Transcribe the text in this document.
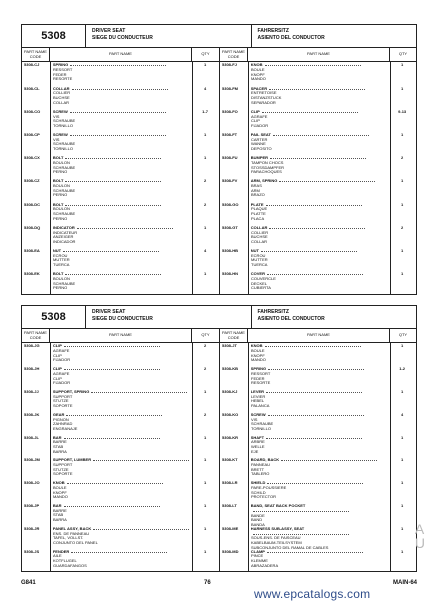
5308	DRIVER SEAT
SIEGE DU CONDUCTEUR
FAHRERSITZ
ASIENTO DEL CONDUCTOR
PART NAME CODE	PART NAME	QTY	PART NAME CODE	PART NAME	QTY
5308-CJ	SPRING	1
RESSORT
FEDER
RESORTE
5308-CL	COLLAR	4
COLLIER
BUCHSE
COLLAR
5308-CO	SCREW	1-7
VIS
SCHRAUBE
TORNILLO
5308-CP	SCREW	1
VIS
SCHRAUBE
TORNILLO
5308-CX	BOLT	1
BOULON
SCHRAUBE
PERNO
5308-CZ	BOLT	2
BOULON
SCHRAUBE
PERNO
5308-DC	BOLT	2
BOULON
SCHRAUBE
PERNO
5308-DQ	INDICATOR	1
INDICATEUR
ANZEIGER
INDICADOR
5308-EA	NUT	4
ECROU
MUTTER
TUERCA
5308-EK	BOLT	1
BOULON
SCHRAUBE
PERNO
5308-FJ	KNOB	1
BOULE
KNOPF
MANDO
5308-FM	SPACER	1
ENTRETOISE
DISTANZSTUCK
SEPARADOR
5308-FO	CLIP	9-13
AGRAFE
CLIP
FIJADOR
5308-FT	PAIL SEAT	1
CARTER
WANNE
DEPOSITO
5308-FU	BUMPER	2
TAMPON CHOCS
STOSSDAMPFER
PARACHOQUES
5308-FV	ARM, SPRING	1
BRAS
ARM
BRAZO
5308-GO	PLATE	1
PLAQUE
PLATTE
PLACA
5308-GT	COLLAR	2
COLLIER
BUCHSE
COLLAR
5308-HB	NUT	1
ECROU
MUTTER
TUERCA
5308-HN	COVER	1
COUVERCLE
DECKEL
CUBIERTA
5308	DRIVER SEAT
SIEGE DU CONDUCTEUR
FAHRERSITZ
ASIENTO DEL CONDUCTOR
PART NAME CODE	PART NAME	QTY	PART NAME CODE	PART NAME	QTY
5308-JG	CLIP	2
AGRAFE
CLIP
FIJADOR
5308-JH	CLIP	2
AGRAFE
CLIP
FIJADOR
5308-JJ	SUPPORT, SPRING	1
SUPPORT
STUTZE
SOPORTE
5308-JK	GEAR	2
PIGNON
ZAHNRAD
ENGRANAJE
5308-JL	BAR	1
BARRE
STAB
BARRA
5308-JM	SUPPORT, LUMBER	1
SUPPORT
STUTZE
SOPORTE
5308-JO	KNOB	1
BOULE
KNOPF
MANDO
5308-JP	BAR	1
BARRE
STAB
BARRA
5308-JR	PANEL ASSY, BACK	1
ENS. DE PANNEAU
TAFEL, VOLLST.
CONJUNTO DEL PANEL
5308-JS	FENDER	1
AILE
KOTFLUGEL
GUARDAFANGOS
5308-JT	KNOB	1
BOULE
KNOPF
MANDO
5308-KB	SPRING	1-2
RESSORT
FEDER
RESORTE
5308-KJ	LEVER	1
LEVIER
HEBEL
PALANCA
5308-KO	SCREW	4
VIS
SCHRAUBE
TORNILLO
5308-KR	SHAFT	1
ARBRE
WELLE
EJE
5308-KT	BOARD, BACK	1
PANNEAU
BRETT
TABLERO
5308-LR	SHIELD	1
PARE-POUSSIERE
SCHILD
PROTECTOR
5308-LT	BAND, SEAT BACK POCKET	1
BANDE
BAND
BANDA
5308-ME	HARNESS SUB-ASSY, SEAT	1
SOUS-ENS. DE FAISCEAU
KABELBAUM-TEILSYSTEM
SUBCONJUNTO DEL RAMAL DE CABLES
5308-MD	CLAMP	1
PINCE
KLEMME
ABRAZADERA
G841	76	MAIN-64
www.epcatalogs.com
A
U
